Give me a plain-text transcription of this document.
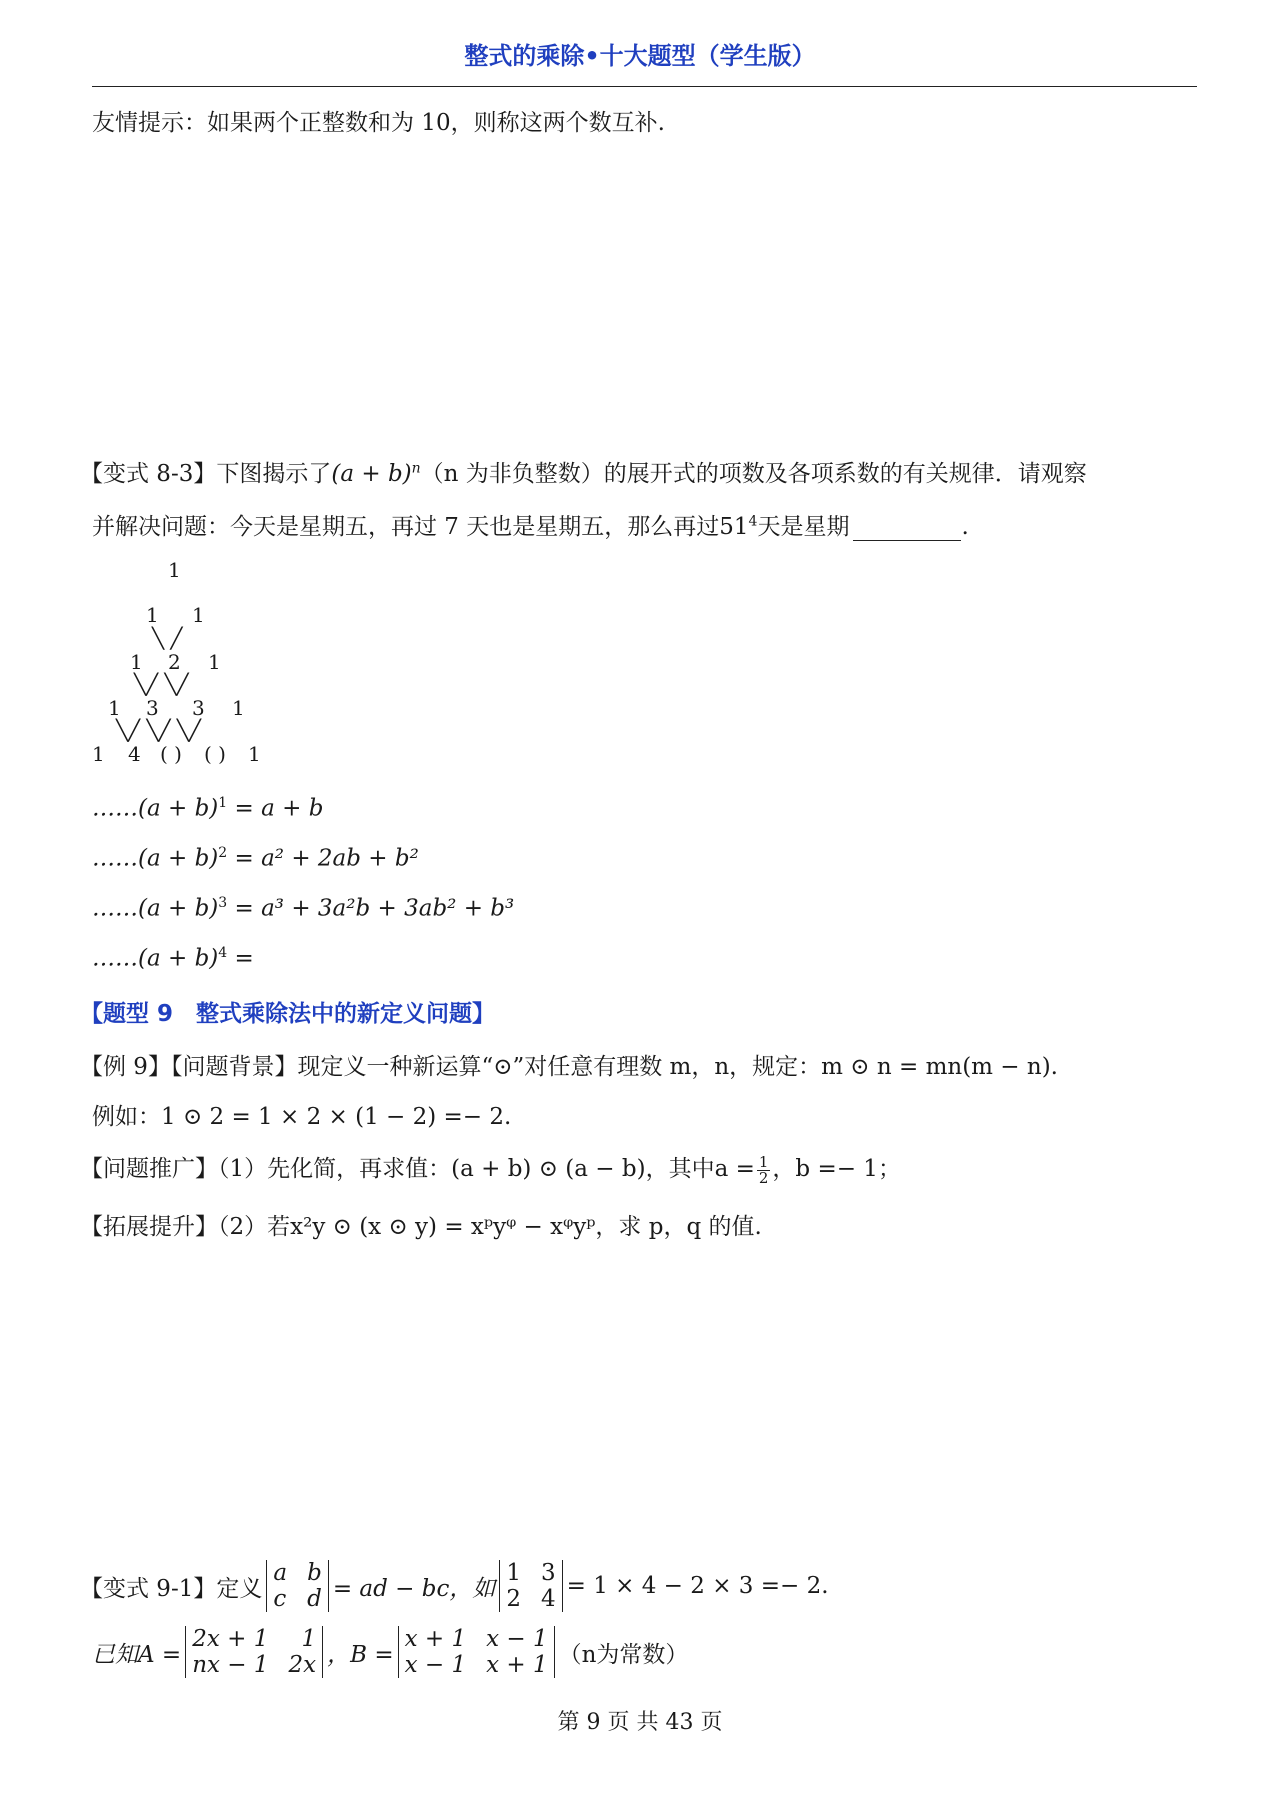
整式的乘除•十大题型（学生版）
友情提示：如果两个正整数和为 10，则称这两个数互补.
【变式 8-3】下图揭示了$(a + b)^n(n$ 为非负整数）的展开式的项数及各项系数的有关规律．请观察
并解决问题：今天是星期五，再过 7 天也是星期五，那么再过$51^4$天是星期	.
1
1 1
╲ ╱
1 2 1
╲╱ ╲╱
1 3 3 1
╲╱ ╲╱ ╲╱
1 4 ( ) ( ) 1
……(a + b)$^1$ = a + b
……(a + b)$^2$ = a² + 2ab + b²
……(a + b)$^3$ = a³ + 3a²b + 3ab² + b³
……(a + b)$^4$ =
【题型 9　整式乘除法中的新定义问题】
【例 9】【问题背景】现定义一种新运算“⊙”对任意有理数 m，n，规定：m ⊙ n = mn(m − n).
例如：1 ⊙ 2 = 1 × 2 × (1 − 2) =− 2.
【问题推广】（1）先化简，再求值：(a + b) ⊙ (a − b)，其中$a = \frac{1}{2}$ ，b =− 1；
【拓展提升】（2）若x²y ⊙ (x ⊙ y) = xᵖyᵠ − xᵠyᵖ，求 p，q 的值.
【变式 9-1】定义
a b
c d = ad − bc，如
1 3
2 4 = 1 × 4 − 2 × 3 =− 2.
已知A =
2x + 1 1
nx − 1 2x ，B =
x + 1 x − 1
x − 1 x + 1 （n为常数）
第 9 页 共 43 页
